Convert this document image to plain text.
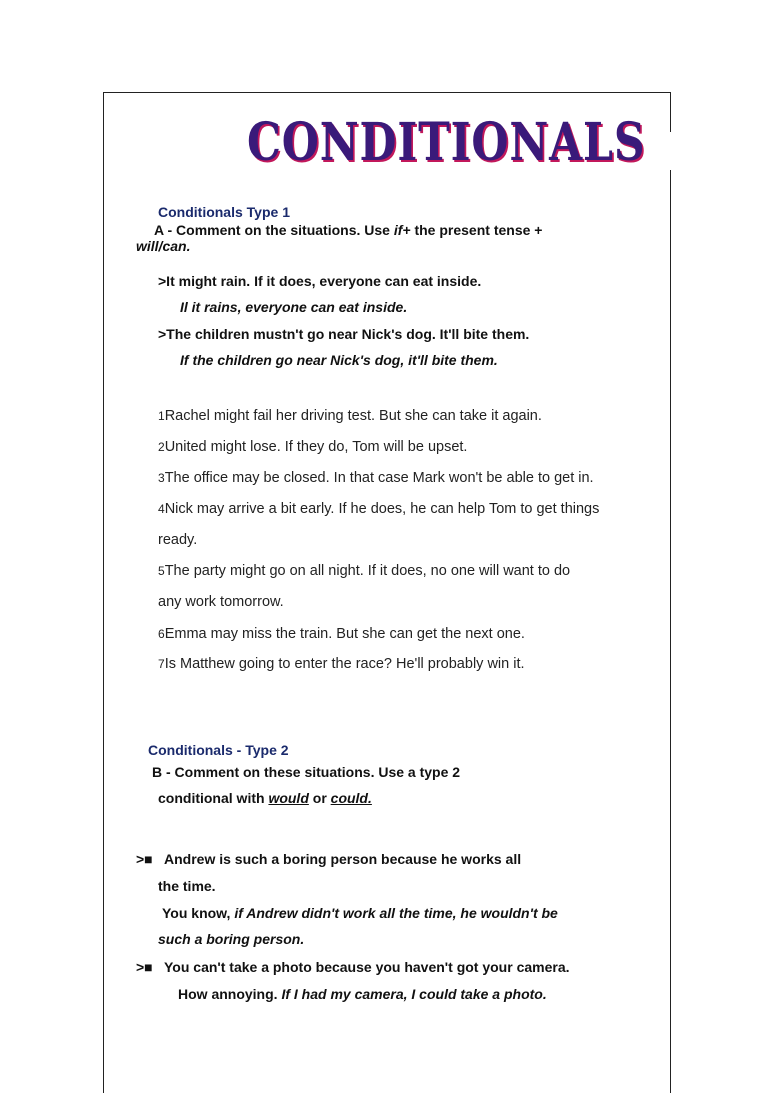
CONDITIONALS
Conditionals Type 1
A - Comment on the situations. Use if+ the present tense +
will/can.
>It might rain. If it does, everyone can eat inside.
Il it rains, everyone can eat inside.
>The children mustn't go near Nick's dog. It'll bite them.
If the children go near Nick's dog, it'll bite them.
1Rachel might fail her driving test. But she can take it again.
2United might lose. If they do, Tom will be upset.
3The office may be closed. In that case Mark won't be able to get in.
4Nick may arrive a bit early. If he does, he can help Tom to get things
ready.
5The party might go on all night. If it does, no one will want to do
any work tomorrow.
6Emma may miss the train. But she can get the next one.
7Is Matthew going to enter the race? He'll probably win it.
Conditionals - Type 2
B - Comment on these situations. Use a type 2
conditional with would or could.
>■ Andrew is such a boring person because he works all
the time.
You know, if Andrew didn't work all the time, he wouldn't be
such a boring person.
>■ You can't take a photo because you haven't got your camera.
How annoying. If I had my camera, I could take a photo.
